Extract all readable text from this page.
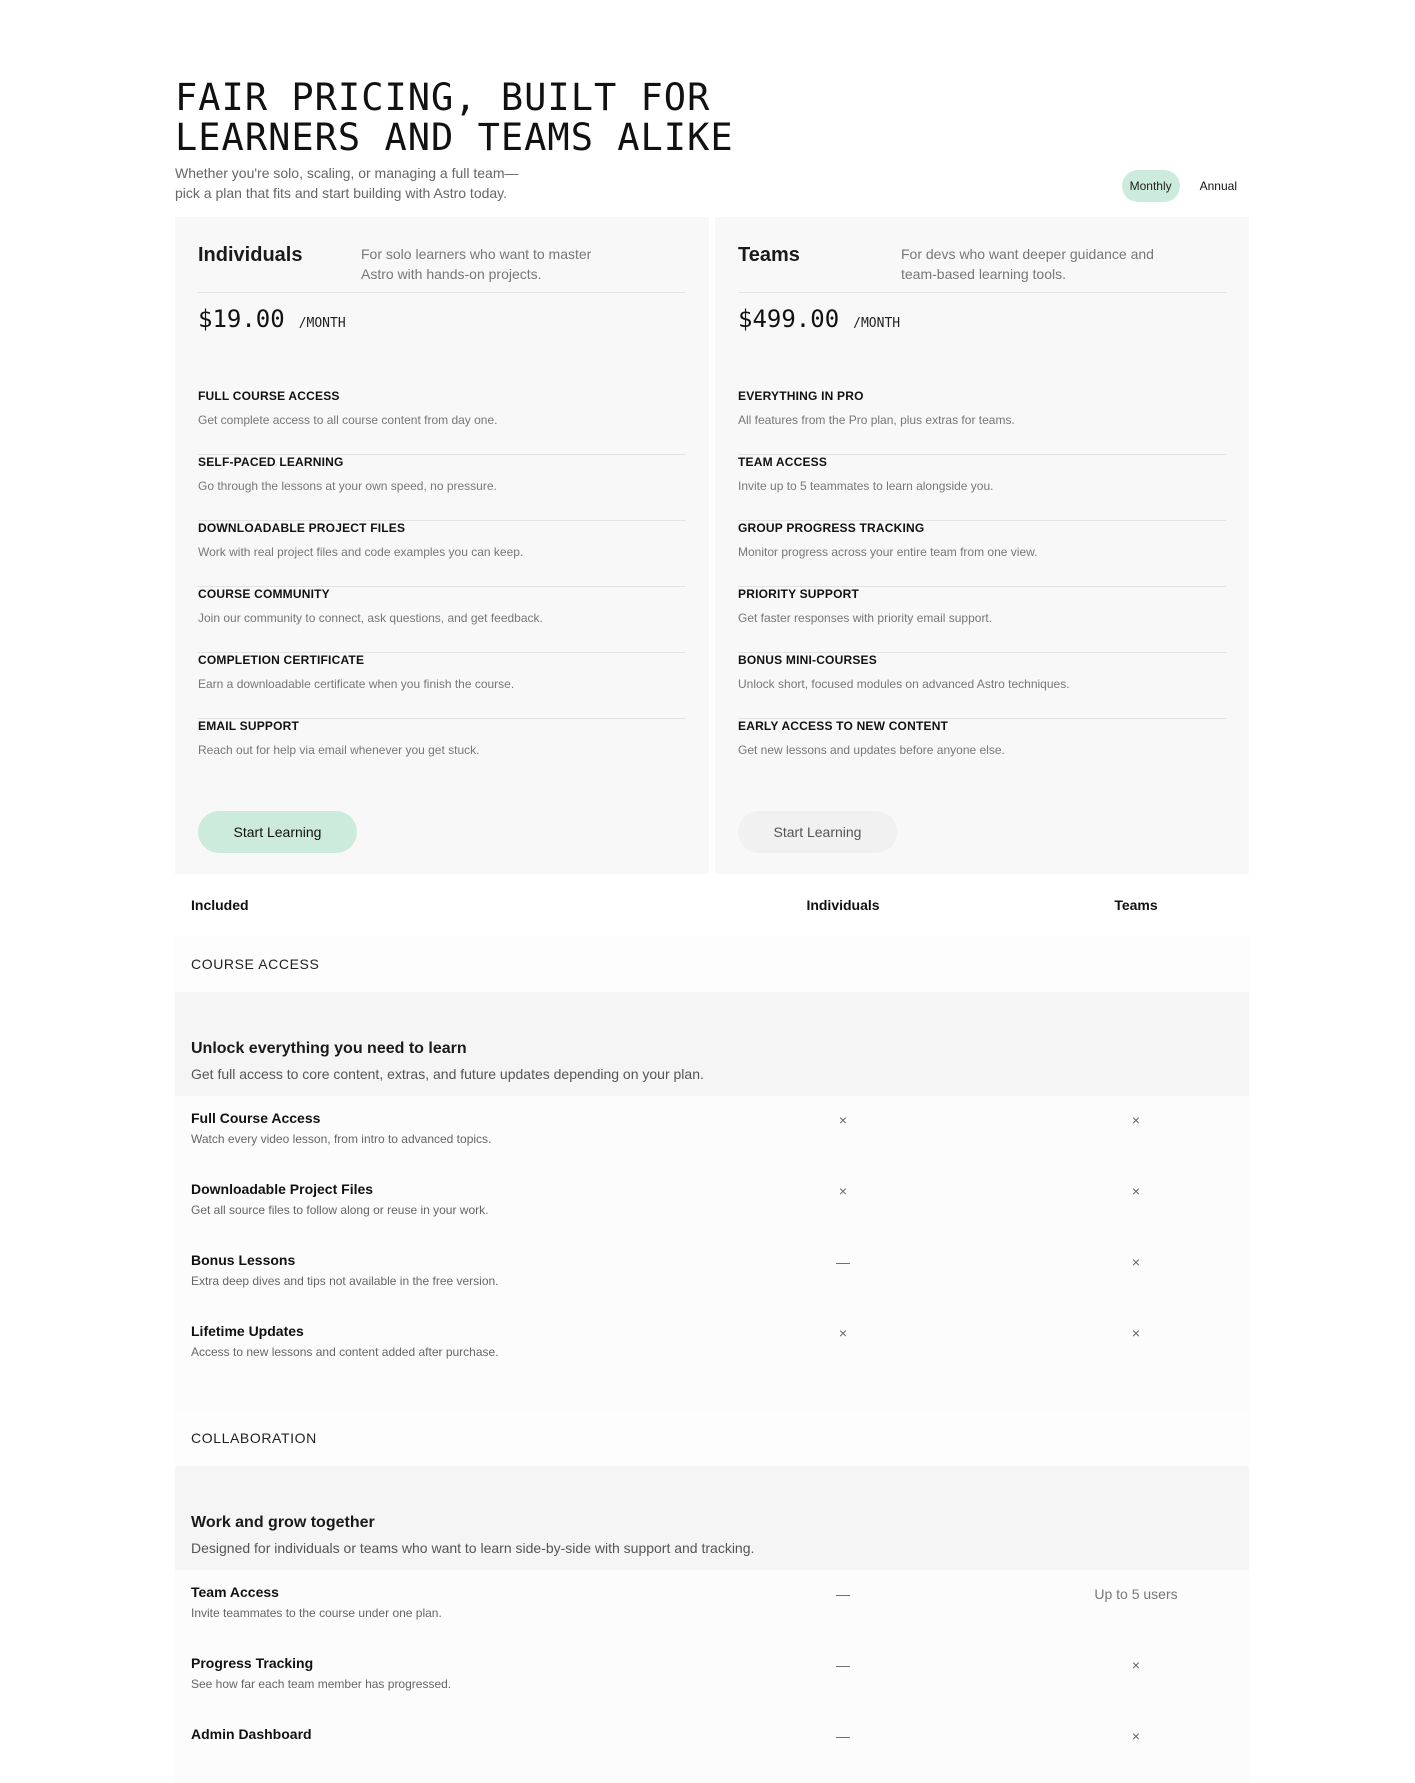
FAIR PRICING, BUILT FOR
LEARNERS AND TEAMS ALIKE
Whether you're solo, scaling, or managing a full team—
pick a plan that fits and start building with Astro today.	Monthly	Annual
Individuals	For solo learners who want to master Astro with hands-on projects.
$19.00 /MONTH
FULL COURSE ACCESS
Get complete access to all course content from day one.
SELF-PACED LEARNING
Go through the lessons at your own speed, no pressure.
DOWNLOADABLE PROJECT FILES
Work with real project files and code examples you can keep.
COURSE COMMUNITY
Join our community to connect, ask questions, and get feedback.
COMPLETION CERTIFICATE
Earn a downloadable certificate when you finish the course.
EMAIL SUPPORT
Reach out for help via email whenever you get stuck.
Start Learning
Teams	For devs who want deeper guidance and team-based learning tools.
$499.00 /MONTH
EVERYTHING IN PRO
All features from the Pro plan, plus extras for teams.
TEAM ACCESS
Invite up to 5 teammates to learn alongside you.
GROUP PROGRESS TRACKING
Monitor progress across your entire team from one view.
PRIORITY SUPPORT
Get faster responses with priority email support.
BONUS MINI-COURSES
Unlock short, focused modules on advanced Astro techniques.
EARLY ACCESS TO NEW CONTENT
Get new lessons and updates before anyone else.
Start Learning
Included	Individuals	Teams
COURSE ACCESS
Unlock everything you need to learn
Get full access to core content, extras, and future updates depending on your plan.
Full Course Access
Watch every video lesson, from intro to advanced topics.
×	×
Downloadable Project Files
Get all source files to follow along or reuse in your work.
×	×
Bonus Lessons
Extra deep dives and tips not available in the free version.
—	×
Lifetime Updates
Access to new lessons and content added after purchase.
×	×
COLLABORATION
Work and grow together
Designed for individuals or teams who want to learn side-by-side with support and tracking.
Team Access
Invite teammates to the course under one plan.
—	Up to 5 users
Progress Tracking
See how far each team member has progressed.
—	×
Admin Dashboard	—	×
